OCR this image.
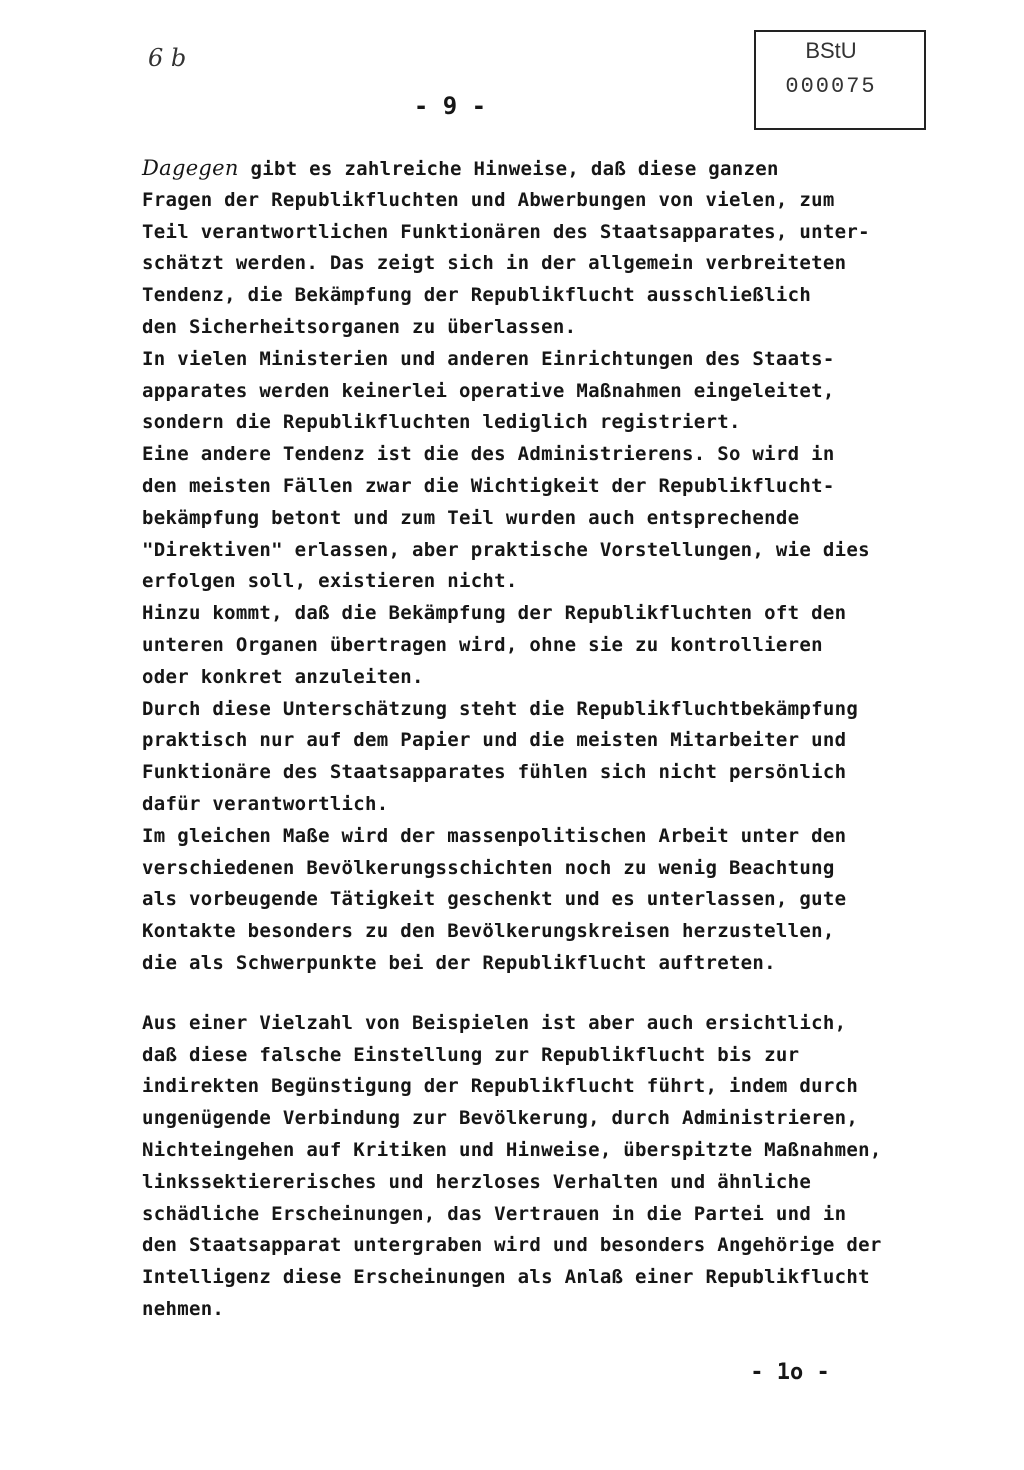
BStU
000075
6 b
- 9 -
Dagegen gibt es zahlreiche Hinweise, daß diese ganzen
Fragen der Republikfluchten und Abwerbungen von vielen, zum
Teil verantwortlichen Funktionären des Staatsapparates, unter-
schätzt werden. Das zeigt sich in der allgemein verbreiteten
Tendenz, die Bekämpfung der Republikflucht ausschließlich
den Sicherheitsorganen zu überlassen.
In vielen Ministerien und anderen Einrichtungen des Staats-
apparates werden keinerlei operative Maßnahmen eingeleitet,
sondern die Republikfluchten lediglich registriert.
Eine andere Tendenz ist die des Administrierens. So wird in
den meisten Fällen zwar die Wichtigkeit der Republikflucht-
bekämpfung betont und zum Teil wurden auch entsprechende
"Direktiven" erlassen, aber praktische Vorstellungen, wie dies
erfolgen soll, existieren nicht.
Hinzu kommt, daß die Bekämpfung der Republikfluchten oft den
unteren Organen übertragen wird, ohne sie zu kontrollieren
oder konkret anzuleiten.
Durch diese Unterschätzung steht die Republikfluchtbekämpfung
praktisch nur auf dem Papier und die meisten Mitarbeiter und
Funktionäre des Staatsapparates fühlen sich nicht persönlich
dafür verantwortlich.
Im gleichen Maße wird der massenpolitischen Arbeit unter den
verschiedenen Bevölkerungsschichten noch zu wenig Beachtung
als vorbeugende Tätigkeit geschenkt und es unterlassen, gute
Kontakte besonders zu den Bevölkerungskreisen herzustellen,
die als Schwerpunkte bei der Republikflucht auftreten.
Aus einer Vielzahl von Beispielen ist aber auch ersichtlich,
daß diese falsche Einstellung zur Republikflucht bis zur
indirekten Begünstigung der Republikflucht führt, indem durch
ungenügende Verbindung zur Bevölkerung, durch Administrieren,
Nichteingehen auf Kritiken und Hinweise, überspitzte Maßnahmen,
linkssektiererisches und herzloses Verhalten und ähnliche
schädliche Erscheinungen, das Vertrauen in die Partei und in
den Staatsapparat untergraben wird und besonders Angehörige der
Intelligenz diese Erscheinungen als Anlaß einer Republikflucht
nehmen.
- 1o -
